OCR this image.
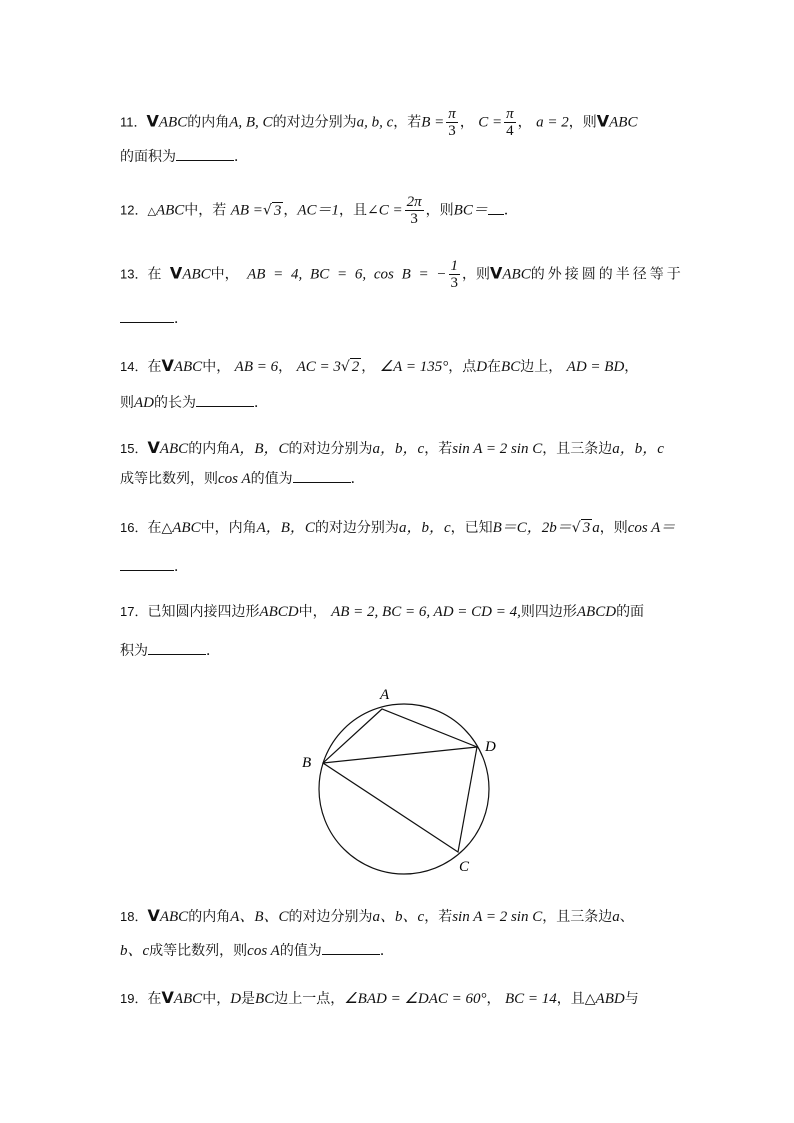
11．VABC的内角A, B, C的对边分别为a, b, c，若$B = \frac{\pi}{3}$ ， $C = \frac{\pi}{4}$ ， a = 2，则VABC
的面积为	．
12．△ABC中，若 AB =√ 3 ，AC＝1，且∠C = $\frac{2\pi}{3}$ ，则BC＝ ．
13．在 VABC中， AB = 4, BC = 6, cos B = − $\frac{1}{3}$ ，则VABC的外接圆的半径等于
．
14．在VABC中， AB = 6， AC = 3√ 2 ， ∠A = 135°，点D在BC边上， AD = BD，
则AD的长为	．
15．VABC的内角A，B，C的对边分别为a，b，c，若sin A = 2 sin C，且三条边a，b，c
成等比数列，则cos A的值为	．
16．在△ABC中，内角A，B，C的对边分别为a，b，c，已知B＝C，2b＝√ 3 a，则cos A＝
．
17．已知圆内接四边形ABCD中， AB = 2, BC = 6, AD = CD = 4,则四边形ABCD的面
积为	．
A
B
C
D
18．VABC的内角A、B、C的对边分别为a、b、c，若sin A = 2 sin C，且三条边a、
b、c成等比数列，则cos A的值为	．
19．在VABC中，D是BC边上一点，∠BAD = ∠DAC = 60°， BC = 14，且△ABD与
